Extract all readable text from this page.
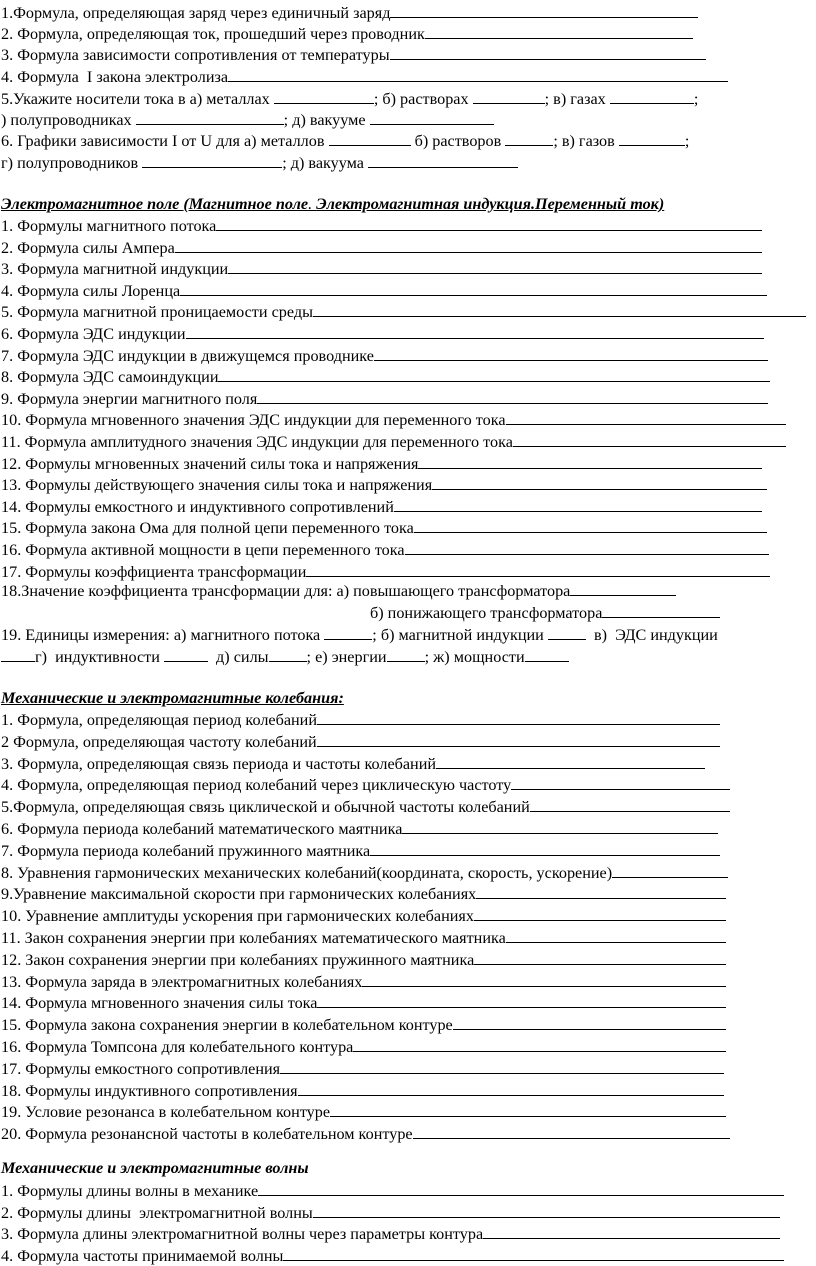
1.Формула, определяющая заряд через единичный заряд
2. Формула, определяющая ток, прошедший через проводник
3. Формула зависимости сопротивления от температуры
4. Формула  I закона электролиза
5.Укажите носители тока в а) металлах	; б) растворах	; в) газах	;
) полупроводниках	; д) вакууме
6. Графики зависимости I от U для а) металлов	б) растворов	; в) газов	;
г) полупроводников	; д) вакуума
Электромагнитное поле (Магнитное поле. Электромагнитная индукция.Переменный ток)
1. Формулы магнитного потока
2. Формула силы Ампера
3. Формула магнитной индукции
4. Формула силы Лоренца
5. Формула магнитной проницаемости среды
6. Формула ЭДС индукции
7. Формула ЭДС индукции в движущемся проводнике
8. Формула ЭДС самоиндукции
9. Формула энергии магнитного поля
10. Формула мгновенного значения ЭДС индукции для переменного тока
11. Формула амплитудного значения ЭДС индукции для переменного тока
12. Формулы мгновенных значений силы тока и напряжения
13. Формулы действующего значения силы тока и напряжения
14. Формулы емкостного и индуктивного сопротивлений
15. Формула закона Ома для полной цепи переменного тока
16. Формула активной мощности в цепи переменного тока
17. Формулы коэффициента трансформации
18.Значение коэффициента трансформации для: а) повышающего трансформатора
б) понижающего трансформатора
19. Единицы измерения: а) магнитного потока	; б) магнитной индукции	в)  ЭДС индукции
г)  индуктивности	д) силы ; е) энергии ; ж) мощности
Механические и электромагнитные колебания:
1. Формула, определяющая период колебаний
2 Формула, определяющая частоту колебаний
3. Формула, определяющая связь периода и частоты колебаний
4. Формула, определяющая период колебаний через циклическую частоту
5.Формула, определяющая связь циклической и обычной частоты колебаний
6. Формула периода колебаний математического маятника
7. Формула периода колебаний пружинного маятника
8. Уравнения гармонических механических колебаний(координата, скорость, ускорение)
9.Уравнение максимальной скорости при гармонических колебаниях
10. Уравнение амплитуды ускорения при гармонических колебаниях
11. Закон сохранения энергии при колебаниях математического маятника
12. Закон сохранения энергии при колебаниях пружинного маятника
13. Формула заряда в электромагнитных колебаниях
14. Формула мгновенного значения силы тока
15. Формула закона сохранения энергии в колебательном контуре
16. Формула Томпсона для колебательного контура
17. Формулы емкостного сопротивления
18. Формулы индуктивного сопротивления
19. Условие резонанса в колебательном контуре
20. Формула резонансной частоты в колебательном контуре
Механические и электромагнитные волны
1. Формулы длины волны в механике
2. Формулы длины  электромагнитной волны
3. Формула длины электромагнитной волны через параметры контура
4. Формула частоты принимаемой волны
